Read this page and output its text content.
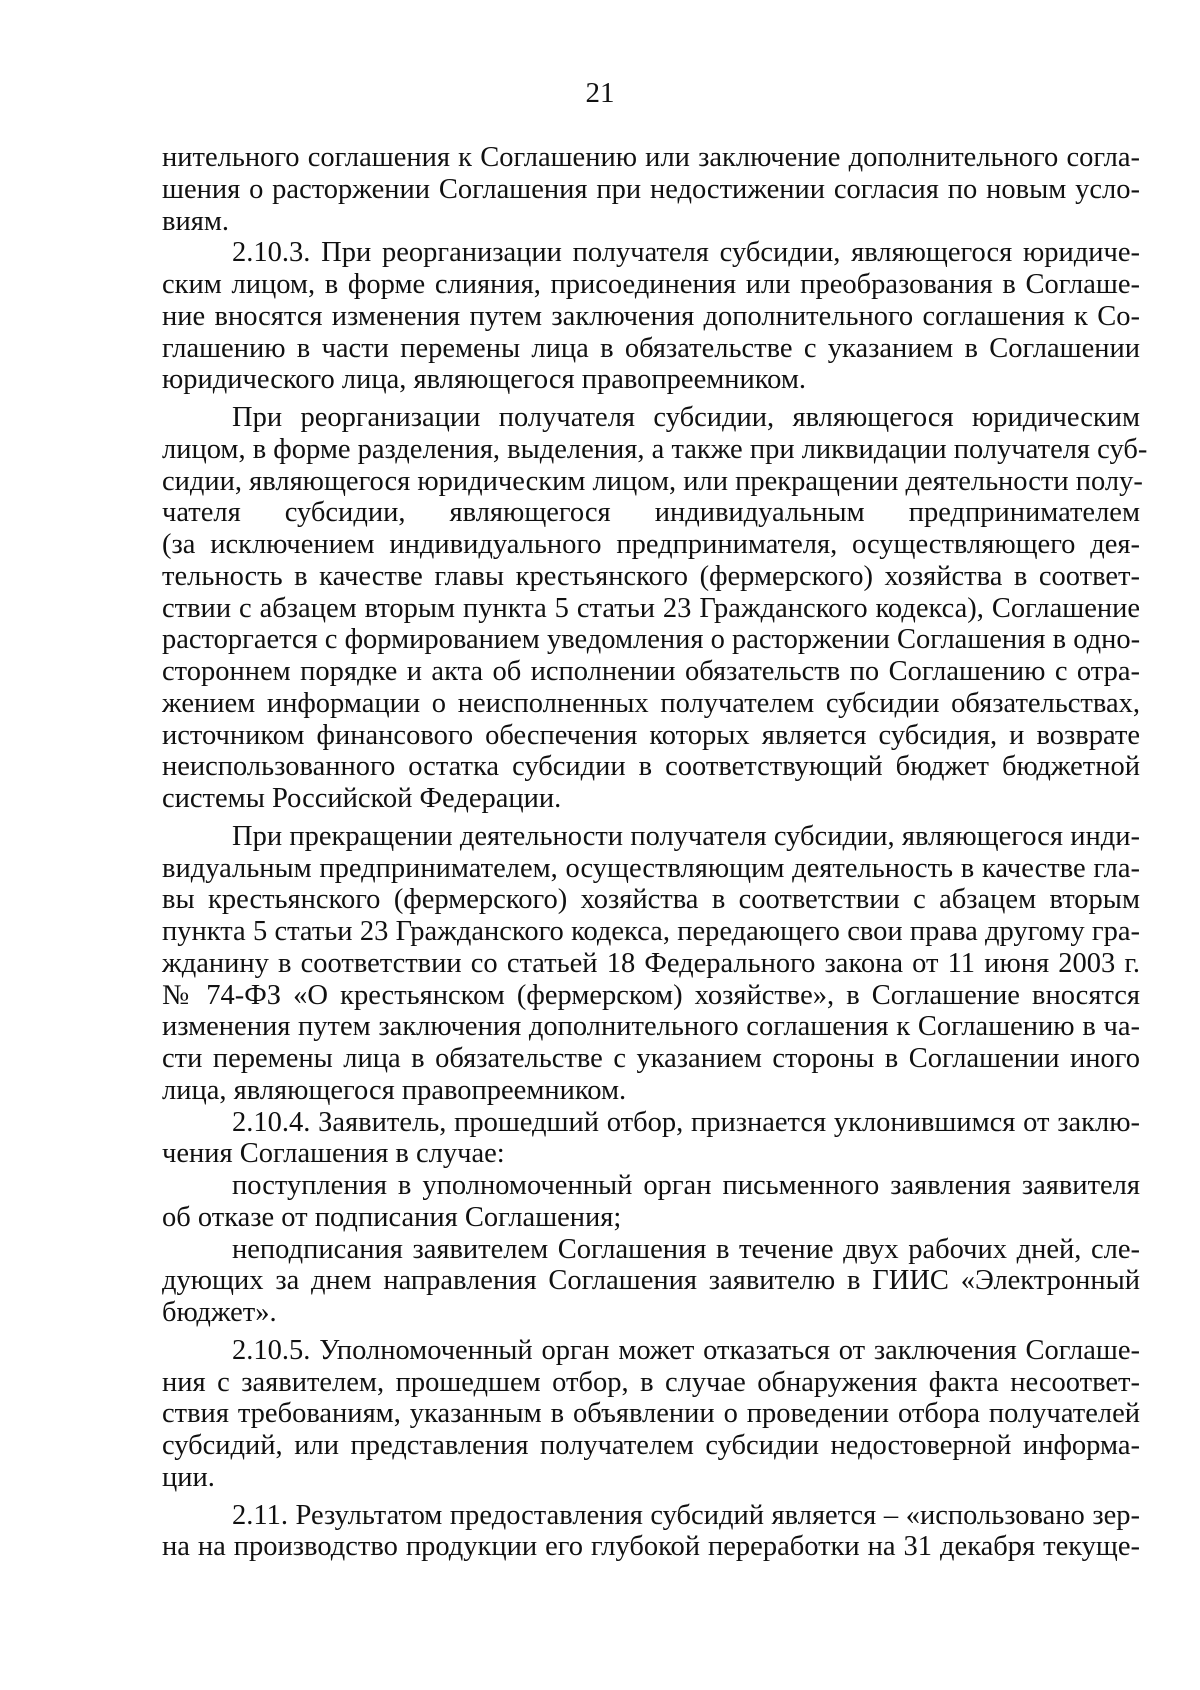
21
нительного соглашения к Соглашению или заключение дополнительного согла-
шения о расторжении Соглашения при недостижении согласия по новым усло-
виям.
2.10.3. При реорганизации получателя субсидии, являющегося юридиче-
ским лицом, в форме слияния, присоединения или преобразования в Соглаше-
ние вносятся изменения путем заключения дополнительного соглашения к Со-
глашению в части перемены лица в обязательстве с указанием в Соглашении
юридического лица, являющегося правопреемником.
При реорганизации получателя субсидии, являющегося юридическим
лицом, в форме разделения, выделения, а также при ликвидации получателя суб-
сидии, являющегося юридическим лицом, или прекращении деятельности полу-
чателя субсидии, являющегося индивидуальным предпринимателем
(за исключением индивидуального предпринимателя, осуществляющего дея-
тельность в качестве главы крестьянского (фермерского) хозяйства в соответ-
ствии с абзацем вторым пункта 5 статьи 23 Гражданского кодекса), Соглашение
расторгается с формированием уведомления о расторжении Соглашения в одно-
стороннем порядке и акта об исполнении обязательств по Соглашению с отра-
жением информации о неисполненных получателем субсидии обязательствах,
источником финансового обеспечения которых является субсидия, и возврате
неиспользованного остатка субсидии в соответствующий бюджет бюджетной
системы Российской Федерации.
При прекращении деятельности получателя субсидии, являющегося инди-
видуальным предпринимателем, осуществляющим деятельность в качестве гла-
вы крестьянского (фермерского) хозяйства в соответствии с абзацем вторым
пункта 5 статьи 23 Гражданского кодекса, передающего свои права другому гра-
жданину в соответствии со статьей 18 Федерального закона от 11 июня 2003 г.
№ 74-ФЗ «О крестьянском (фермерском) хозяйстве», в Соглашение вносятся
изменения путем заключения дополнительного соглашения к Соглашению в ча-
сти перемены лица в обязательстве с указанием стороны в Соглашении иного
лица, являющегося правопреемником.
2.10.4. Заявитель, прошедший отбор, признается уклонившимся от заклю-
чения Соглашения в случае:
поступления в уполномоченный орган письменного заявления заявителя
об отказе от подписания Соглашения;
неподписания заявителем Соглашения в течение двух рабочих дней, сле-
дующих за днем направления Соглашения заявителю в ГИИС «Электронный
бюджет».
2.10.5. Уполномоченный орган может отказаться от заключения Соглаше-
ния с заявителем, прошедшем отбор, в случае обнаружения факта несоответ-
ствия требованиям, указанным в объявлении о проведении отбора получателей
субсидий, или представления получателем субсидии недостоверной информа-
ции.
2.11. Результатом предоставления субсидий является – «использовано зер-
на на производство продукции его глубокой переработки на 31 декабря текуще-
